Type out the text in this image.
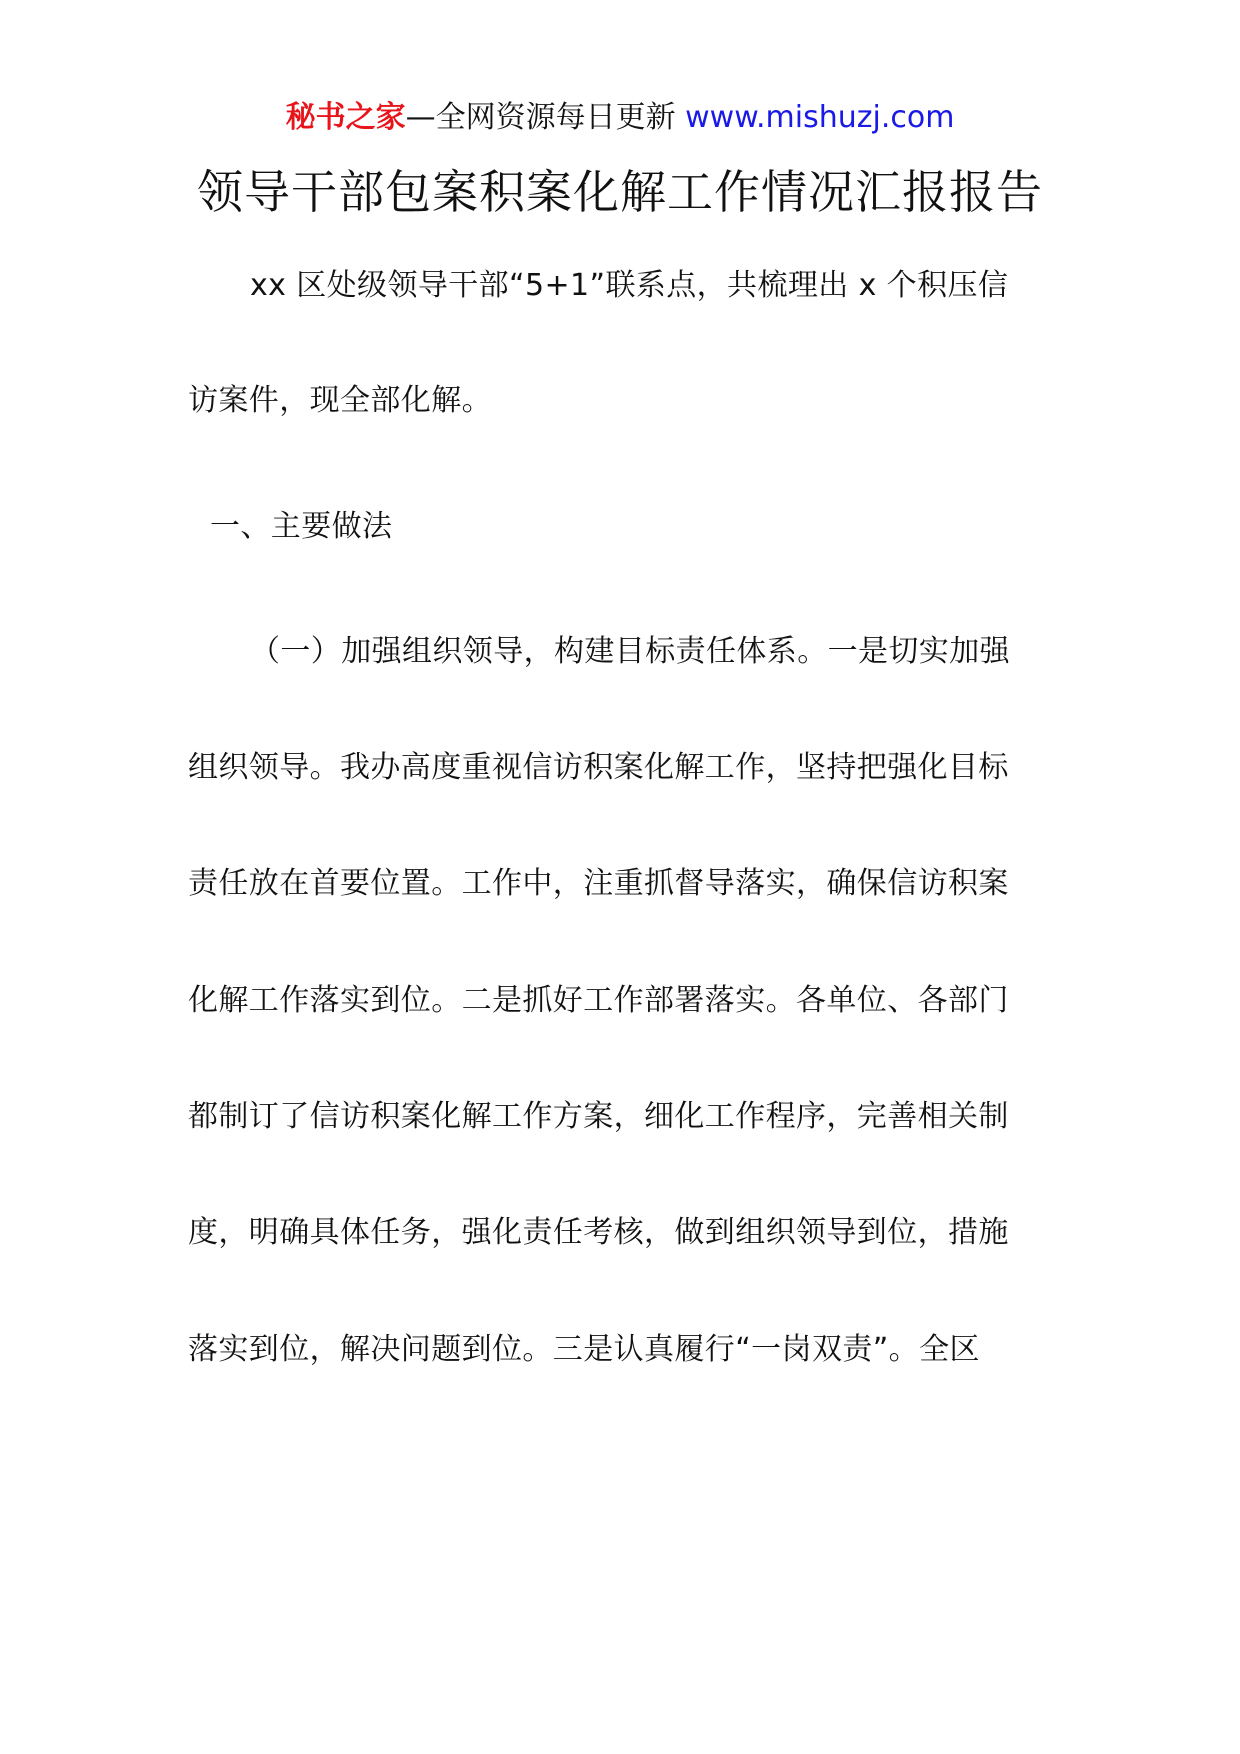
秘书之家—全网资源每日更新 www.mishuzj.com
领导干部包案积案化解工作情况汇报报告
xx 区处级领导干部“5+1”联系点，共梳理出 x 个积压信
访案件，现全部化解。
一、主要做法
（一）加强组织领导，构建目标责任体系。一是切实加强
组织领导。我办高度重视信访积案化解工作，坚持把强化目标
责任放在首要位置。工作中，注重抓督导落实，确保信访积案
化解工作落实到位。二是抓好工作部署落实。各单位、各部门
都制订了信访积案化解工作方案，细化工作程序，完善相关制
度，明确具体任务，强化责任考核，做到组织领导到位，措施
落实到位，解决问题到位。三是认真履行“一岗双责”。全区
